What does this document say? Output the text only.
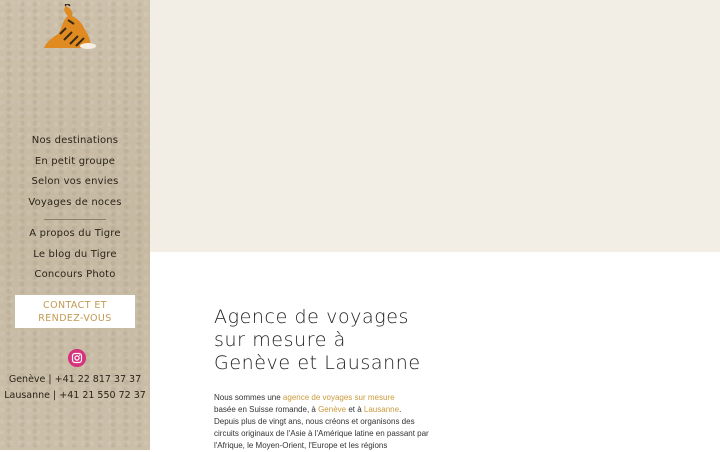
Nos destinations
En petit groupe
Selon vos envies
Voyages de noces
A propos du Tigre
Le blog du Tigre
Concours Photo
CONTACT ET
RENDEZ-VOUS
Genève | +41 22 817 37 37
Lausanne | +41 21 550 72 37
Agence de voyages
sur mesure à
Genève et Lausanne
Nous sommes une agence de voyages sur mesure
basée en Suisse romande, à Genève et à Lausanne.
Depuis plus de vingt ans, nous créons et organisons des circuits originaux de l'Asie à l'Amérique latine en passant par l'Afrique, le Moyen-Orient, l'Europe et les régions
